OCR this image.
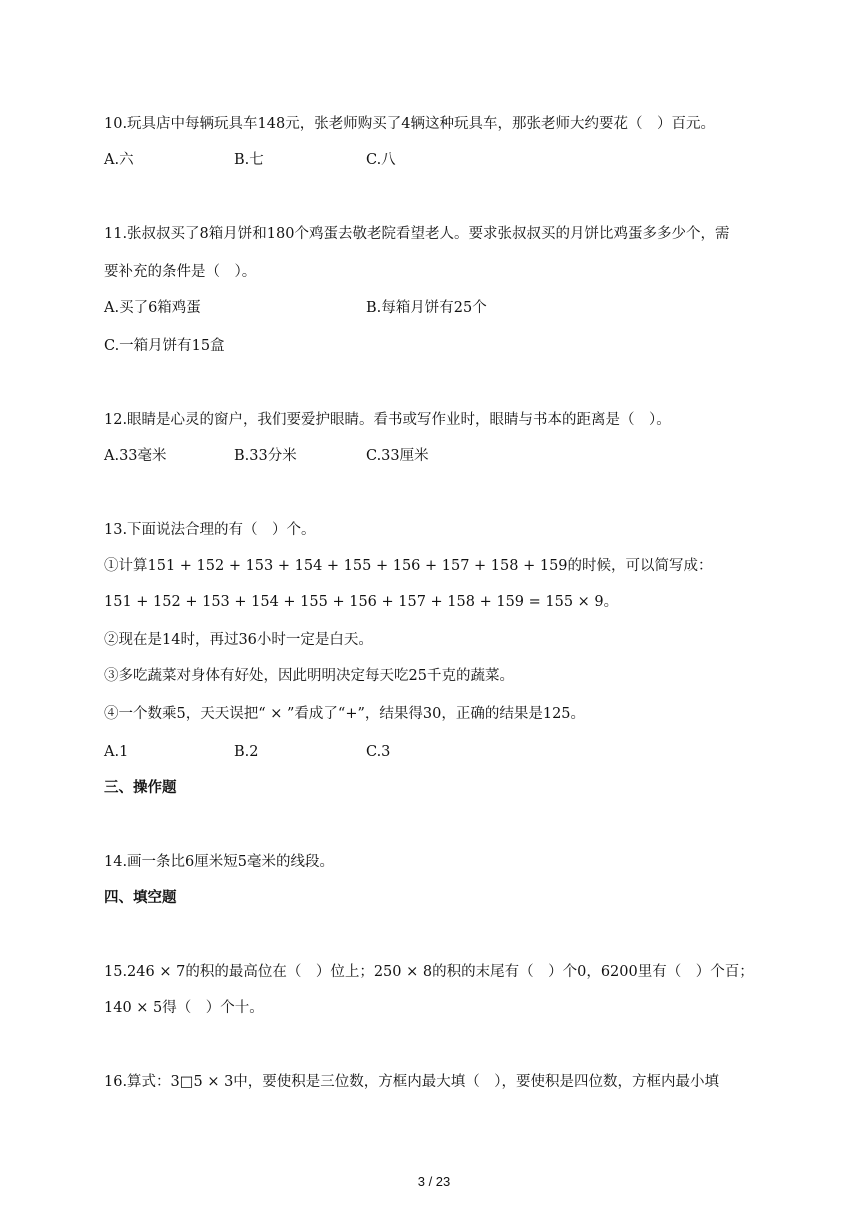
10.玩具店中每辆玩具车148元，张老师购买了4辆这种玩具车，那张老师大约要花（　）百元。
A.六	B.七	C.八
11.张叔叔买了8箱月饼和180个鸡蛋去敬老院看望老人。要求张叔叔买的月饼比鸡蛋多多少个，需
要补充的条件是（　）。
A.买了6箱鸡蛋	B.每箱月饼有25个
C.一箱月饼有15盒
12.眼睛是心灵的窗户，我们要爱护眼睛。看书或写作业时，眼睛与书本的距离是（　）。
A.33毫米	B.33分米	C.33厘米
13.下面说法合理的有（　）个。
①计算151 + 152 + 153 + 154 + 155 + 156 + 157 + 158 + 159的时候，可以简写成：
151 + 152 + 153 + 154 + 155 + 156 + 157 + 158 + 159 = 155 × 9。
②现在是14时，再过36小时一定是白天。
③多吃蔬菜对身体有好处，因此明明决定每天吃25千克的蔬菜。
④一个数乘5，天天误把“ × ”看成了“+”，结果得30，正确的结果是125。
A.1	B.2	C.3
三、操作题
14.画一条比6厘米短5毫米的线段。
四、填空题
15.246 × 7的积的最高位在（　）位上；250 × 8的积的末尾有（　）个0，6200里有（　）个百；
140 × 5得（　）个十。
16.算式：3□5 × 3中，要使积是三位数，方框内最大填（　），要使积是四位数，方框内最小填
3 / 23
